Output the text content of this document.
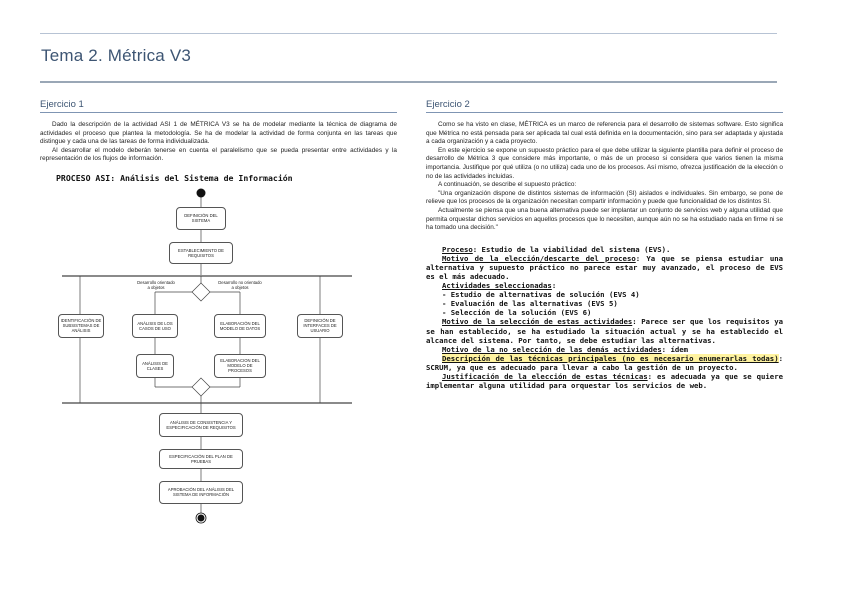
Tema 2. Métrica V3
Ejercicio 1

Dado la descripción de la actividad ASI 1 de MÉTRICA V3 se ha de modelar mediante la técnica de diagrama de actividades el proceso que plantea la metodología. Se ha de modelar la actividad de forma conjunta en las tareas que distingue y cada una de las tareas de forma individualizada.

Al desarrollar el modelo deberán tenerse en cuenta el paralelismo que se pueda presentar entre actividades y la representación de los flujos de información.

PROCESO ASI: Análisis del Sistema de Información
DEFINICIÓN DEL SISTEMA
ESTABLECIMIENTO DE REQUISITOS
Desarrollo orientado a objetos
Desarrollo no orientado a objetos
IDENTIFICACIÓN DE SUBSISTEMAS DE ANÁLISIS
ANÁLISIS DE LOS CASOS DE USO
ELABORACIÓN DEL MODELO DE DATOS
DEFINICIÓN DE INTERFACES DE USUARIO
ANÁLISIS DE CLASES
ELABORACION DEL MODELO DE PROCESOS
ANÁLISIS DE CONSISTENCIA Y ESPECIFICACIÓN DE REQUISITOS
ESPECIFICACIÓN DEL PLAN DE PRUEBAS
APROBACIÓN DEL ANÁLISIS DEL SISTEMA DE INFORMACIÓN
Ejercicio 2

Como se ha visto en clase, MÉTRICA es un marco de referencia para el desarrollo de sistemas software. Esto significa que Métrica no está pensada para ser aplicada tal cual está definida en la documentación, sino para ser adaptada y ajustada a cada organización y a cada proyecto.

En este ejercicio se expone un supuesto práctico para el que debe utilizar la siguiente plantilla para definir el proceso de desarrollo de Métrica 3 que considere más importante, o más de un proceso si considera que varios tienen la misma importancia. Justifique por qué utiliza (o no utiliza) cada uno de los procesos. Así mismo, ofrezca justificación de la elección o no de las actividades incluidas.

A continuación, se describe el supuesto práctico:

"Una organización dispone de distintos sistemas de información (SI) aislados e individuales. Sin embargo, se pone de relieve que los procesos de la organización necesitan compartir información y puede que funcionalidad de los distintos SI.

Actualmente se piensa que una buena alternativa puede ser implantar un conjunto de servicios web y alguna utilidad que permita orquestar dichos servicios en aquellos procesos que lo necesiten, aunque aún no se ha estudiado nada en firme ni se ha tomado una decisión."

Proceso: Estudio de la viabilidad del sistema (EVS).

Motivo de la elección/descarte del proceso: Ya que se piensa estudiar una alternativa y supuesto práctico no parece estar muy avanzado, el proceso de EVS es el más adecuado.

Actividades seleccionadas:

- Estudio de alternativas de solución (EVS 4)

- Evaluación de las alternativas (EVS 5)

- Selección de la solución (EVS 6)

Motivo de la selección de estas actividades: Parece ser que los requisitos ya se han establecido, se ha estudiado la situación actual y se ha establecido el alcance del sistema. Por tanto, se debe estudiar las alternativas.

Motivo de la no selección de las demás actividades: ídem

Descripción de las técnicas principales (no es necesario enumerarlas todas): SCRUM, ya que es adecuado para llevar a cabo la gestión de un proyecto.

Justificación de la elección de estas técnicas: es adecuada ya que se quiere implementar alguna utilidad para orquestar los servicios de web.
